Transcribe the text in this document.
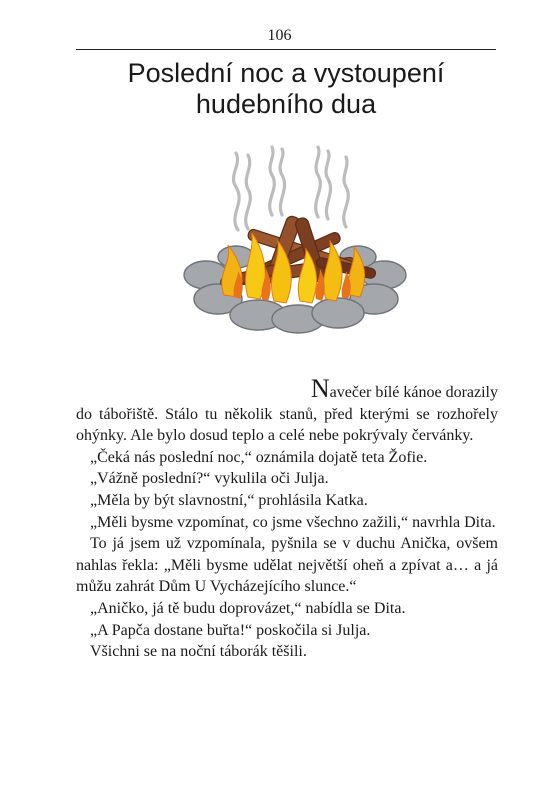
106
Poslední noc a vystoupení
hudebního dua

Navečer bílé kánoe dorazily

do tábořiště. Stálo tu několik stanů, před kterými se rozhořely ohýnky. Ale bylo dosud teplo a celé nebe pokrývaly červánky.

„Čeká nás poslední noc,“ oznámila dojatě teta Žofie.

„Vážně poslední?“ vykulila oči Julja.

„Měla by být slavnostní,“ prohlásila Katka.

„Měli bysme vzpomínat, co jsme všechno zažili,“ navrhla Dita.

To já jsem už vzpomínala, pyšnila se v duchu Anička, ovšem nahlas řekla: „Měli bysme udělat největší oheň a zpívat a… a já můžu zahrát Dům U Vycházejícího slunce.“

„Aničko, já tě budu doprovázet,“ nabídla se Dita.

„A Papča dostane buřta!“ poskočila si Julja.

Všichni se na noční táborák těšili.
